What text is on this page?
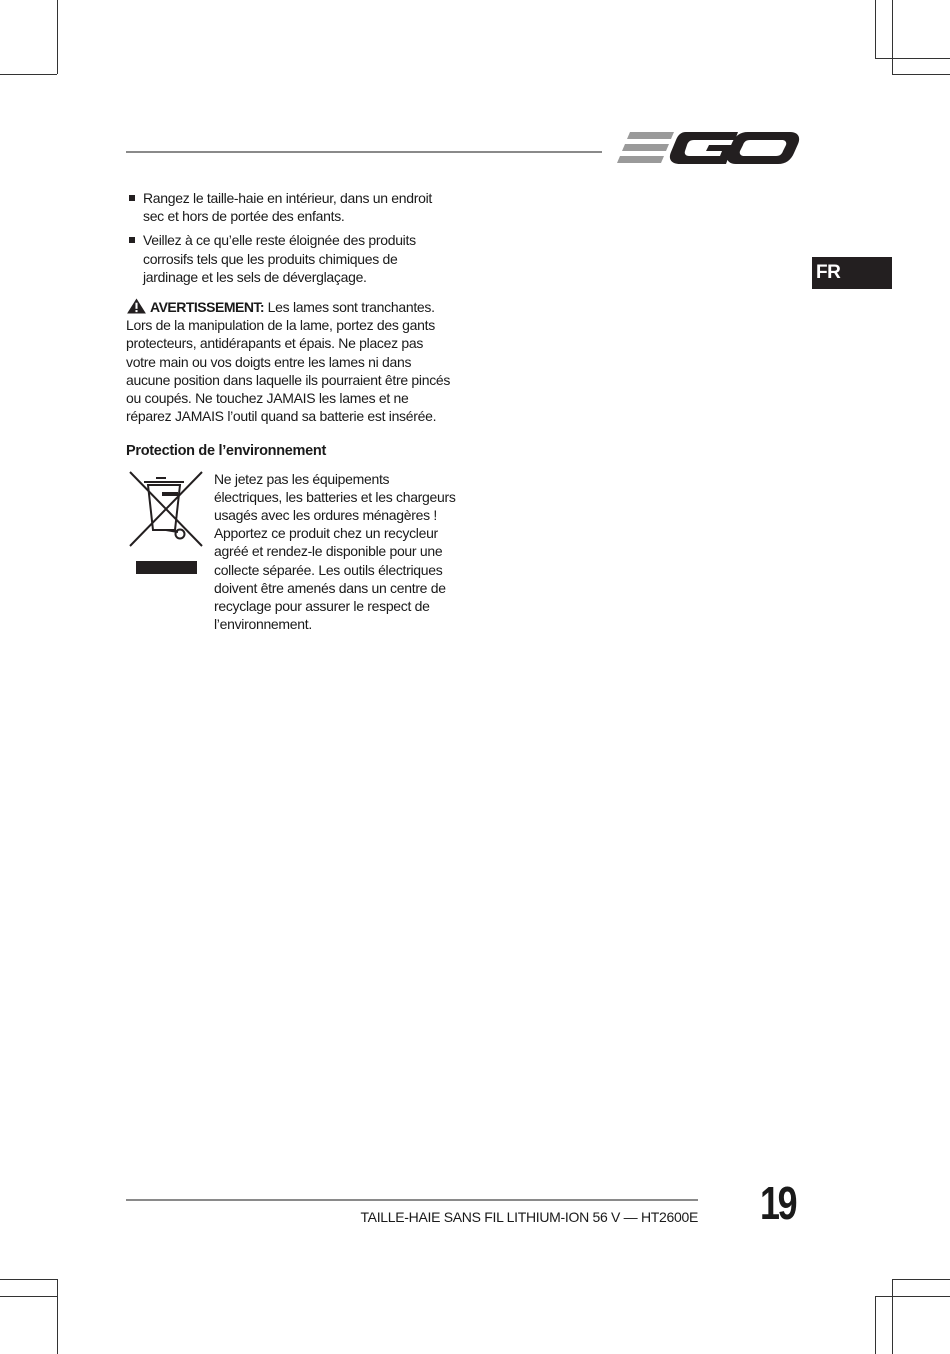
FR
Rangez le taille-haie en intérieur, dans un endroit sec et hors de portée des enfants.
Veillez à ce qu’elle reste éloignée des produits corrosifs tels que les produits chimiques de jardinage et les sels de déverglaçage.
AVERTISSEMENT: Les lames sont tranchantes. Lors de la manipulation de la lame, portez des gants protecteurs, antidérapants et épais. Ne placez pas votre main ou vos doigts entre les lames ni dans aucune position dans laquelle ils pourraient être pincés ou coupés. Ne touchez JAMAIS les lames et ne réparez JAMAIS l’outil quand sa batterie est insérée.
Protection de l’environnement
Ne jetez pas les équipements électriques, les batteries et les chargeurs usagés avec les ordures ménagères ! Apportez ce produit chez un recycleur agréé et rendez-le disponible pour une collecte séparée. Les outils électriques doivent être amenés dans un centre de recyclage pour assurer le respect de l’environnement.
TAILLE-HAIE SANS FIL LITHIUM-ION 56 V — HT2600E 19
